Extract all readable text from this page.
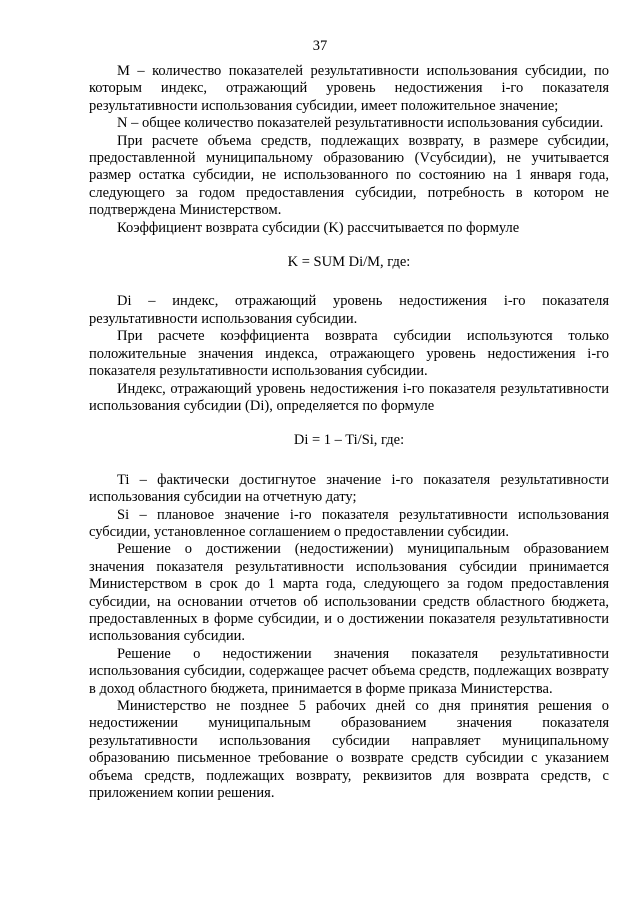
37

M – количество показателей результативности использования субсидии, по которым индекс, отражающий уровень недостижения i-го показателя результативности использования субсидии, имеет положительное значение;

N – общее количество показателей результативности использования субсидии.

При расчете объема средств, подлежащих возврату, в размере субсидии, предоставленной муниципальному образованию (Vсубсидии), не учитывается размер остатка субсидии, не использованного по состоянию на 1 января года, следующего за годом предоставления субсидии, потребность в котором не подтверждена Министерством.

Коэффициент возврата субсидии (K) рассчитывается по формуле

K = SUM Di/M, где:

Di – индекс, отражающий уровень недостижения i-го показателя результативности использования субсидии.

При расчете коэффициента возврата субсидии используются только положительные значения индекса, отражающего уровень недостижения i-го показателя результативности использования субсидии.

Индекс, отражающий уровень недостижения i-го показателя результативности использования субсидии (Di), определяется по формуле

Di = 1 – Ti/Si, где:

Ti – фактически достигнутое значение i-го показателя результативности использования субсидии на отчетную дату;

Si – плановое значение i-го показателя результативности использования субсидии, установленное соглашением о предоставлении субсидии.

Решение о достижении (недостижении) муниципальным образованием значения показателя результативности использования субсидии принимается Министерством в срок до 1 марта года, следующего за годом предоставления субсидии, на основании отчетов об использовании средств областного бюджета, предоставленных в форме субсидии, и о достижении показателя результативности использования субсидии.

Решение о недостижении значения показателя результативности использования субсидии, содержащее расчет объема средств, подлежащих возврату в доход областного бюджета, принимается в форме приказа Министерства.

Министерство не позднее 5 рабочих дней со дня принятия решения о недостижении муниципальным образованием значения показателя результативности использования субсидии направляет муниципальному образованию письменное требование о возврате средств субсидии с указанием объема средств, подлежащих возврату, реквизитов для возврата средств, с приложением копии решения.
